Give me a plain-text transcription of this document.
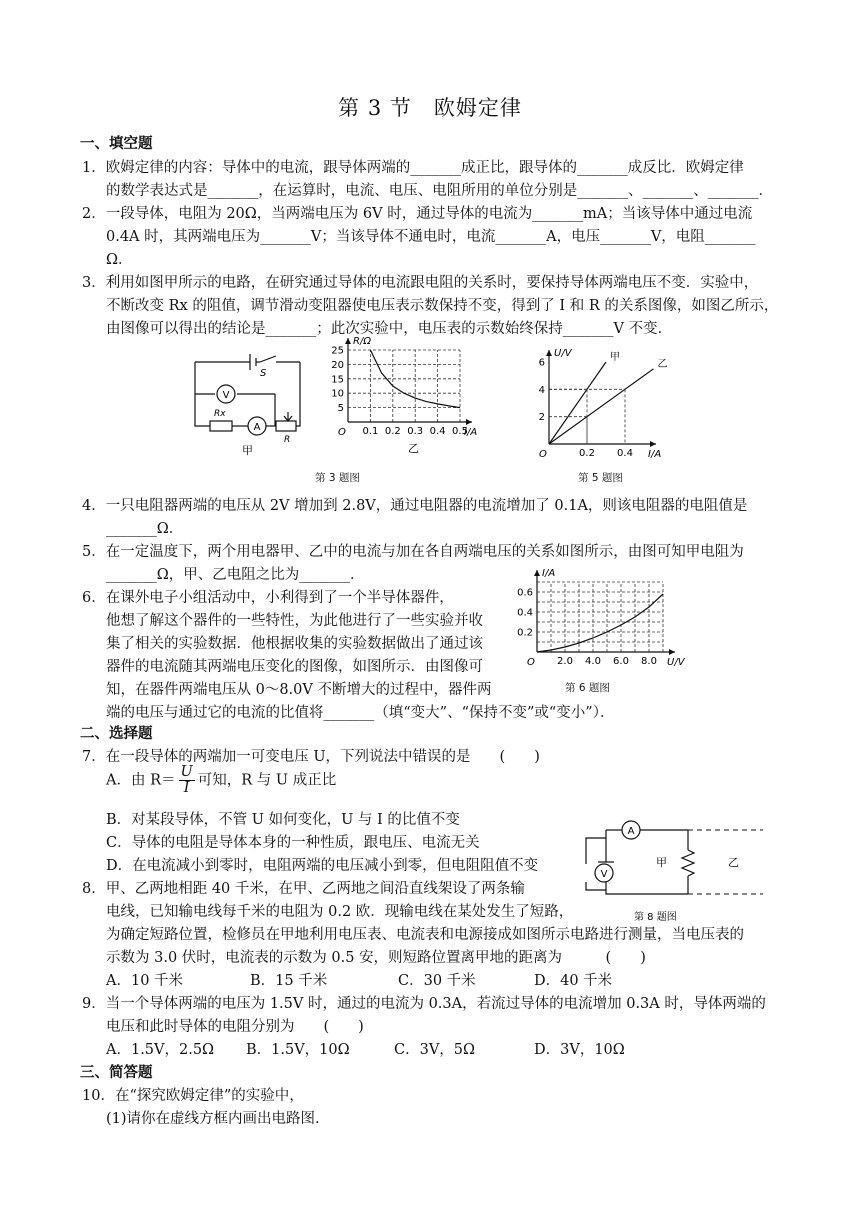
第 3 节　欧姆定律
一、填空题
1．欧姆定律的内容：导体中的电流，跟导体两端的_______成正比，跟导体的_______成反比．欧姆定律
的数学表达式是_______，在运算时，电流、电压、电阻所用的单位分别是_______、_______、_______．
2．一段导体，电阻为 20Ω，当两端电压为 6V 时，通过导体的电流为_______mA；当该导体中通过电流
0.4A 时，其两端电压为_______V；当该导体不通电时，电流_______A，电压_______V，电阻_______
Ω．
3．利用如图甲所示的电路，在研究通过导体的电流跟电阻的关系时，要保持导体两端电压不变．实验中，
不断改变 Rx 的阻值，调节滑动变阻器使电压表示数保持不变，得到了 I 和 R 的关系图像，如图乙所示，
由图像可以得出的结论是_______；此次实验中，电压表的示数始终保持_______V 不变．
V
A
S
Rx
R
甲
0.1 0.2 0.3 0.4 0.5
5
10
15
20
25
O	I/A
R/Ω
乙
第 3 题图
0.2 0.4
2
4
6
O	I/A
U/V	甲
乙
第 5 题图
4．一只电阻器两端的电压从 2V 增加到 2.8V，通过电阻器的电流增加了 0.1A，则该电阻器的电阻值是
_______Ω．
5．在一定温度下，两个用电器甲、乙中的电流与加在各自两端电压的关系如图所示，由图可知甲电阻为
_______Ω，甲、乙电阻之比为_______．
6．在课外电子小组活动中，小利得到了一个半导体器件，
他想了解这个器件的一些特性，为此他进行了一些实验并收
集了相关的实验数据．他根据收集的实验数据做出了通过该
器件的电流随其两端电压变化的图像，如图所示．由图像可
知，在器件两端电压从 0～8.0V 不断增大的过程中，器件两
端的电压与通过它的电流的比值将_______（填“变大”、“保持不变”或“变小”）．
2.0 4.0 6.0 8.0
0.2
0.4
0.6
O	U/V
I/A
第 6 题图
二、选择题
7．在一段导体的两端加一可变电压 U，下列说法中错误的是　　(　　)
A．由 $R= \frac{U}{I}$ 可知，R 与 U 成正比
B．对某段导体，不管 U 如何变化，U 与 I 的比值不变
C．导体的电阻是导体本身的一种性质，跟电压、电流无关
D．在电流减小到零时，电阻两端的电压减小到零，但电阻阻值不变
A
V
甲	乙
第 8 题图
8．甲、乙两地相距 40 千米，在甲、乙两地之间沿直线架设了两条输
电线，已知输电线每千米的电阻为 0.2 欧．现输电线在某处发生了短路，
为确定短路位置，检修员在甲地利用电压表、电流表和电源接成如图所示电路进行测量，当电压表的
示数为 3.0 伏时，电流表的示数为 0.5 安，则短路位置离甲地的距离为　　　(　　)
A．10 千米	B．15 千米	C．30 千米	D．40 千米
9．当一个导体两端的电压为 1.5V 时，通过的电流为 0.3A，若流过导体的电流增加 0.3A 时，导体两端的
电压和此时导体的电阻分别为　　(　　)
A．1.5V，2.5Ω B．1.5V，10Ω	C．3V，5Ω	D．3V，10Ω
三、简答题
10．在“探究欧姆定律”的实验中，
(1)请你在虚线方框内画出电路图.
